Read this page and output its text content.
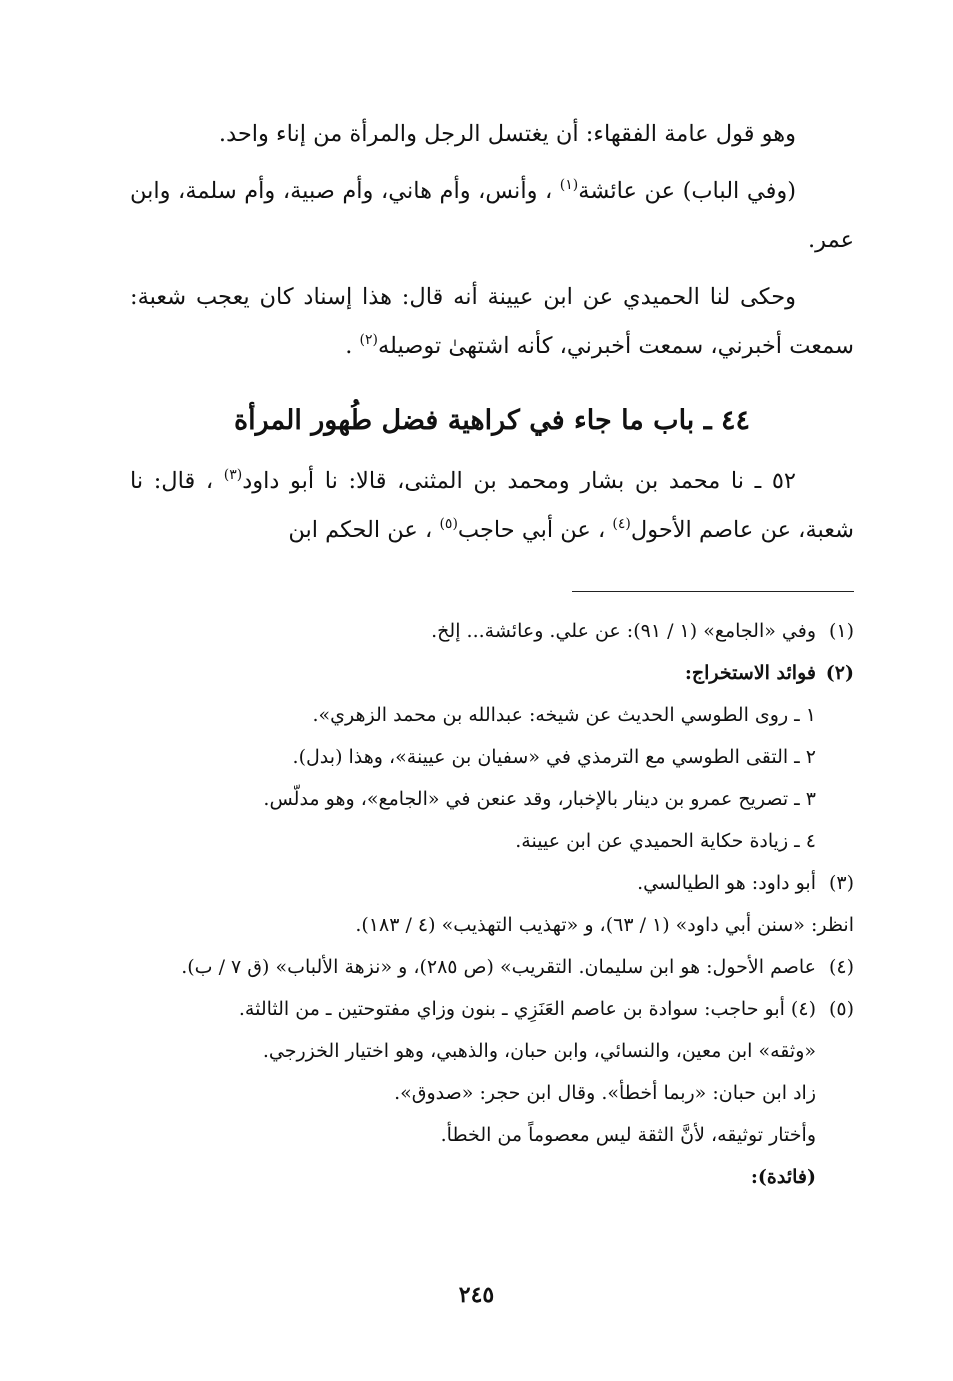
وهو قول عامة الفقهاء: أن يغتسل الرجل والمرأة من إناء واحد.

(وفي الباب) عن عائشة$^{(١)}$ ، وأنس، وأم هاني، وأم صبية، وأم سلمة، وابن عمر.

وحكى لنا الحميدي عن ابن عيينة أنه قال: هذا إسناد كان يعجب شعبة: سمعت أخبرني، سمعت أخبرني، كأنه اشتهىٰ توصيله$^{(٢)}$ .

٤٤ ـ باب ما جاء في كراهية فضل طُهور المرأة

٥٢ ـ نا محمد بن بشار ومحمد بن المثنى، قالا: نا أبو داود$^{(٣)}$ ، قال: نا شعبة، عن عاصم الأحول$^{(٤)}$ ، عن أبي حاجب$^{(٥)}$ ، عن الحكم ابن

(١)
وفي «الجامع» (١ / ٩١): عن علي. وعائشة... إلخ.
(٢)
فوائد الاستخراج:
١ ـ روى الطوسي الحديث عن شيخه: عبدالله بن محمد الزهري».
٢ ـ التقى الطوسي مع الترمذي في «سفيان بن عيينة»، وهذا (بدل).
٣ ـ تصريح عمرو بن دينار بالإخبار، وقد عنعن في «الجامع»، وهو مدلّس.
٤ ـ زيادة حكاية الحميدي عن ابن عيينة.
(٣)
أبو داود: هو الطيالسي.
انظر: «سنن أبي داود» (١ / ٦٣)، و «تهذيب التهذيب» (٤ / ١٨٣).
(٤)
عاصم الأحول: هو ابن سليمان. التقريب» (ص ٢٨٥)، و «نزهة الألباب» (ق ٧ / ب).
(٥)
(٤) أبو حاجب: سوادة بن عاصم العَنَزِي ـ بنون وزاي مفتوحتين ـ من الثالثة.
«وثقه» ابن معين، والنسائي، وابن حبان، والذهبي، وهو اختيار الخزرجي.
زاد ابن حبان: «ربما أخطأ». وقال ابن حجر: «صدوق».
وأختار توثيقه، لأنَّ الثقة ليس معصوماً من الخطأ.
(فائدة):
٢٤٥
